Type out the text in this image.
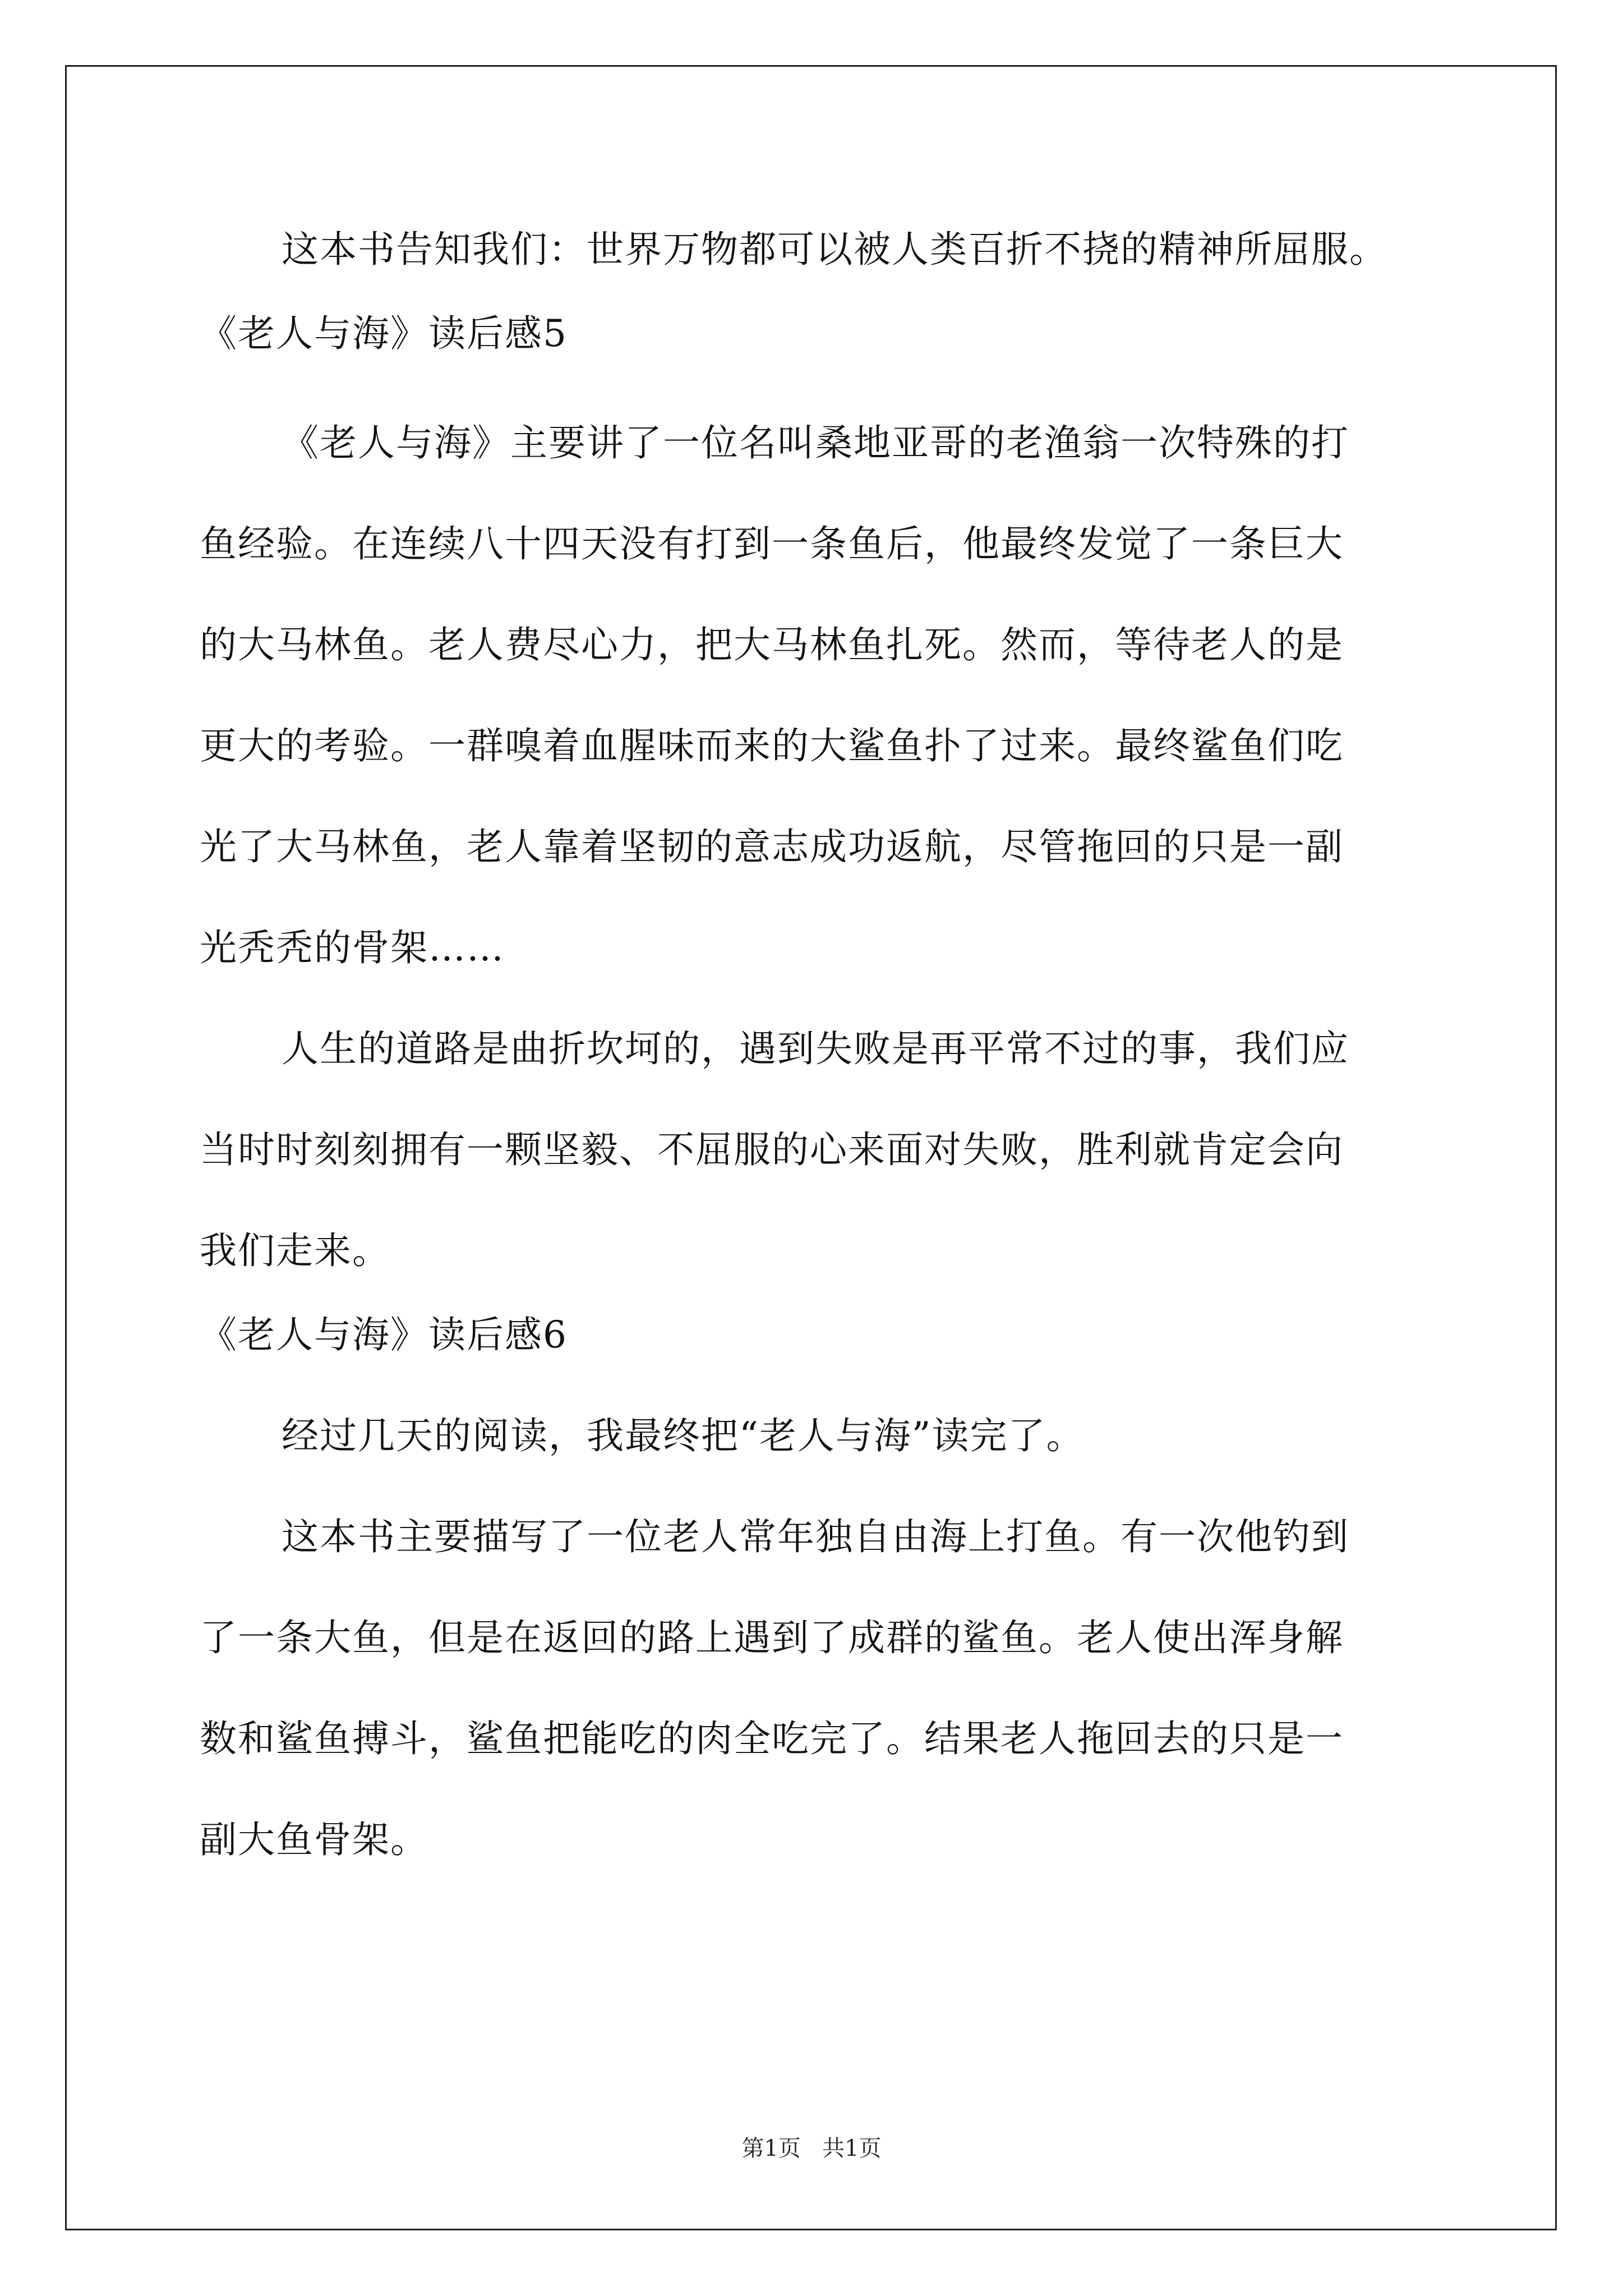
这本书告知我们：世界万物都可以被人类百折不挠的精神所屈服。
《老人与海》读后感5
《老人与海》主要讲了一位名叫桑地亚哥的老渔翁一次特殊的打
鱼经验。在连续八十四天没有打到一条鱼后，他最终发觉了一条巨大
的大马林鱼。老人费尽心力，把大马林鱼扎死。然而，等待老人的是
更大的考验。一群嗅着血腥味而来的大鲨鱼扑了过来。最终鲨鱼们吃
光了大马林鱼，老人靠着坚韧的意志成功返航，尽管拖回的只是一副
光秃秃的骨架……
人生的道路是曲折坎坷的，遇到失败是再平常不过的事，我们应
当时时刻刻拥有一颗坚毅、不屈服的心来面对失败，胜利就肯定会向
我们走来。
《老人与海》读后感6
经过几天的阅读，我最终把“老人与海”读完了。
这本书主要描写了一位老人常年独自由海上打鱼。有一次他钓到
了一条大鱼，但是在返回的路上遇到了成群的鲨鱼。老人使出浑身解
数和鲨鱼搏斗，鲨鱼把能吃的肉全吃完了。结果老人拖回去的只是一
副大鱼骨架。
第1页   共1页
